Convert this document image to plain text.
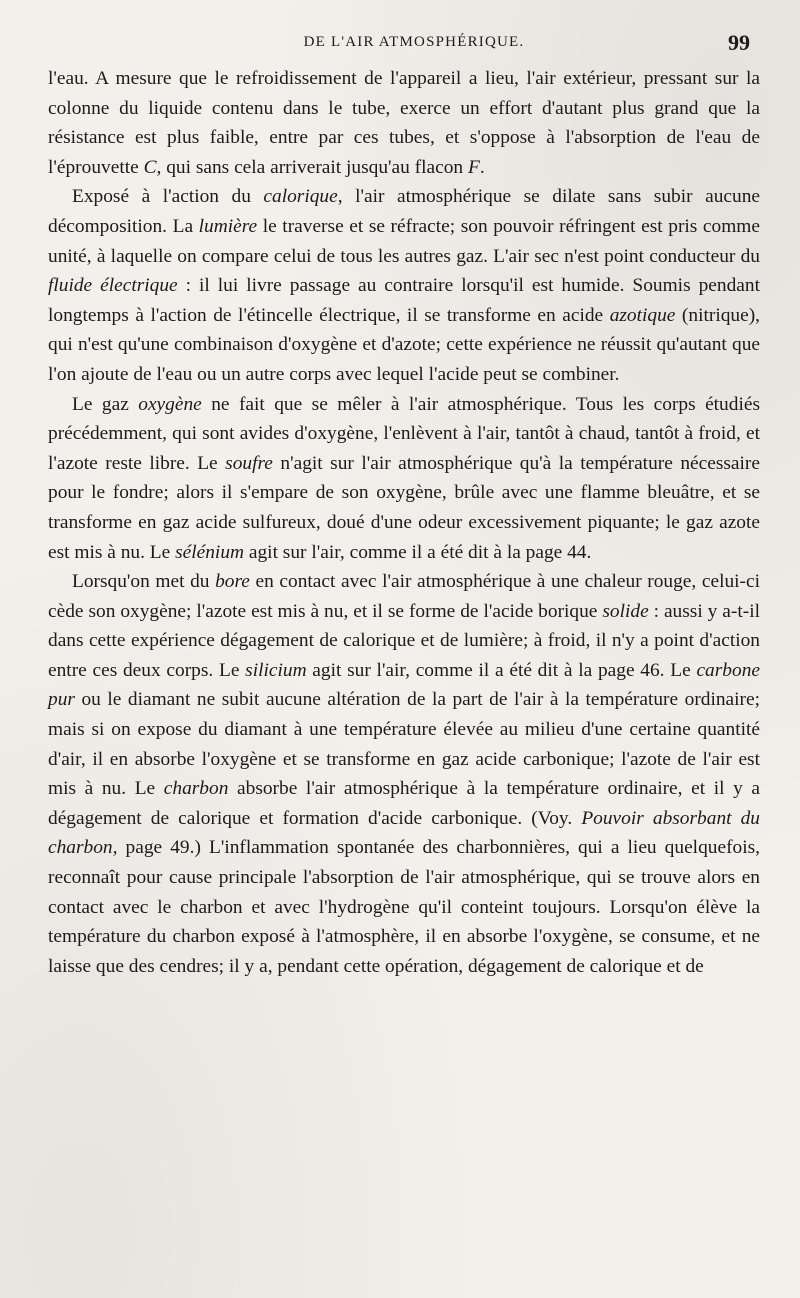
DE L'AIR ATMOSPHÉRIQUE.	99

l'eau. A mesure que le refroidissement de l'appareil a lieu, l'air extérieur, pressant sur la colonne du liquide contenu dans le tube, exerce un effort d'autant plus grand que la résistance est plus faible, entre par ces tubes, et s'oppose à l'absorption de l'eau de l'éprouvette C, qui sans cela arriverait jusqu'au flacon F.

Exposé à l'action du calorique, l'air atmosphérique se dilate sans subir aucune décomposition. La lumière le traverse et se réfracte; son pouvoir réfringent est pris comme unité, à laquelle on compare celui de tous les autres gaz. L'air sec n'est point conducteur du fluide électrique : il lui livre passage au contraire lorsqu'il est humide. Soumis pendant longtemps à l'action de l'étincelle électrique, il se transforme en acide azotique (nitrique), qui n'est qu'une combinaison d'oxygène et d'azote; cette expérience ne réussit qu'autant que l'on ajoute de l'eau ou un autre corps avec lequel l'acide peut se combiner.

Le gaz oxygène ne fait que se mêler à l'air atmosphérique. Tous les corps étudiés précédemment, qui sont avides d'oxygène, l'enlèvent à l'air, tantôt à chaud, tantôt à froid, et l'azote reste libre. Le soufre n'agit sur l'air atmosphérique qu'à la température nécessaire pour le fondre; alors il s'empare de son oxygène, brûle avec une flamme bleuâtre, et se transforme en gaz acide sulfureux, doué d'une odeur excessivement piquante; le gaz azote est mis à nu. Le sélénium agit sur l'air, comme il a été dit à la page 44.

Lorsqu'on met du bore en contact avec l'air atmosphérique à une chaleur rouge, celui-ci cède son oxygène; l'azote est mis à nu, et il se forme de l'acide borique solide : aussi y a-t-il dans cette expérience dégagement de calorique et de lumière; à froid, il n'y a point d'action entre ces deux corps. Le silicium agit sur l'air, comme il a été dit à la page 46. Le carbone pur ou le diamant ne subit aucune altération de la part de l'air à la température ordinaire; mais si on expose du diamant à une température élevée au milieu d'une certaine quantité d'air, il en absorbe l'oxygène et se transforme en gaz acide carbonique; l'azote de l'air est mis à nu. Le charbon absorbe l'air atmosphérique à la température ordinaire, et il y a dégagement de calorique et formation d'acide carbonique. (Voy. Pouvoir absorbant du charbon, page 49.) L'inflammation spontanée des charbonnières, qui a lieu quelquefois, reconnaît pour cause principale l'absorption de l'air atmosphérique, qui se trouve alors en contact avec le charbon et avec l'hydrogène qu'il conteint toujours. Lorsqu'on élève la température du charbon exposé à l'atmosphère, il en absorbe l'oxygène, se consume, et ne laisse que des cendres; il y a, pendant cette opération, dégagement de calorique et de
